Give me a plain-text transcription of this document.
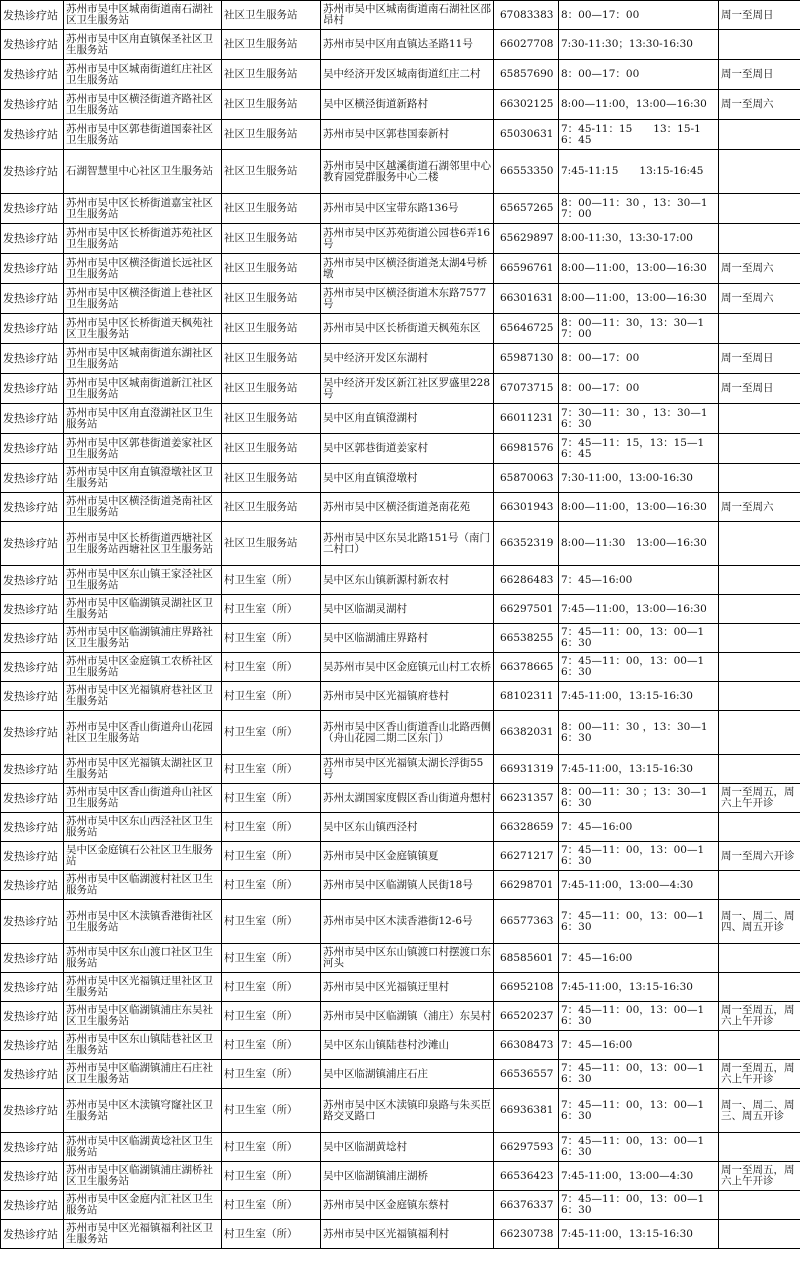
发热诊疗站	苏州市吴中区城南街道南石湖社区卫生服务站	社区卫生服务站	苏州市吴中区城南街道南石湖社区邵昂村	67083383	8：00—17：00	周一至周日
发热诊疗站	苏州市吴中区甪直镇保圣社区卫生服务站	社区卫生服务站	苏州市吴中区甪直镇达圣路11号	66027708	7:30-11:30；13:30-16:30	
发热诊疗站	苏州市吴中区城南街道红庄社区卫生服务站	社区卫生服务站	吴中经济开发区城南街道红庄二村	65857690	8：00—17：00	周一至周日
发热诊疗站	苏州市吴中区横泾街道齐路社区卫生服务站	社区卫生服务站	吴中区横泾街道新路村	66302125	8:00—11:00，13:00—16:30	周一至周六
发热诊疗站	苏州市吴中区郭巷街道国泰社区卫生服务站	社区卫生服务站	苏州市吴中区郭巷国泰新村	65030631	7：45-11：15　　13：15-16：45	
发热诊疗站	石湖智慧里中心社区卫生服务站	社区卫生服务站	苏州市吴中区越溪街道石湖邻里中心教育园党群服务中心二楼	66553350	7:45-11:15　　13:15-16:45	
发热诊疗站	苏州市吴中区长桥街道嘉宝社区卫生服务站	社区卫生服务站	苏州市吴中区宝带东路136号	65657265	8：00—11：30 ，13：30—17：00	
发热诊疗站	苏州市吴中区长桥街道苏苑社区卫生服务站	社区卫生服务站	苏州市吴中区苏苑街道公园巷6弄16号	65629897	8:00-11:30，13:30-17:00	
发热诊疗站	苏州市吴中区横泾街道长远社区卫生服务站	社区卫生服务站	苏州市吴中区横泾街道尧太湖4号桥墩	66596761	8:00—11:00，13:00—16:30	周一至周六
发热诊疗站	苏州市吴中区横泾街道上巷社区卫生服务站	社区卫生服务站	苏州市吴中区横泾街道木东路7577号	66301631	8:00—11:00，13:00—16:30	周一至周六
发热诊疗站	苏州市吴中区长桥街道天枫苑社区卫生服务站	社区卫生服务站	苏州市吴中区长桥街道天枫苑东区	65646725	8：00—11：30，13：30—17：00	
发热诊疗站	苏州市吴中区城南街道东湖社区卫生服务站	社区卫生服务站	吴中经济开发区东湖村	65987130	8：00—17：00	周一至周日
发热诊疗站	苏州市吴中区城南街道新江社区卫生服务站	社区卫生服务站	吴中经济开发区新江社区罗盛里228号	67073715	8：00—17：00	周一至周日
发热诊疗站	苏州市吴中区甪直澄湖社区卫生服务站	社区卫生服务站	吴中区甪直镇澄湖村	66011231	7：30—11：30 ，13：30—16：30	
发热诊疗站	苏州市吴中区郭巷街道姜家社区卫生服务站	社区卫生服务站	吴中区郭巷街道姜家村	66981576	7：45—11：15，13：15—16：45	
发热诊疗站	苏州市吴中区甪直镇澄墩社区卫生服务站	社区卫生服务站	吴中区甪直镇澄墩村	65870063	7:30-11:00，13:00-16:30	
发热诊疗站	苏州市吴中区横泾街道尧南社区卫生服务站	社区卫生服务站	苏州市吴中区横泾街道尧南花苑	66301943	8:00—11:00，13:00—16:30	周一至周六
发热诊疗站	苏州市吴中区长桥街道西塘社区卫生服务站西塘社区卫生服务站	社区卫生服务站	苏州市吴中区东吴北路151号（南门二村口）	66352319	8:00—11:30　13:00—16:30	
发热诊疗站	苏州市吴中区东山镇王家泾社区卫生服务站	村卫生室（所）	吴中区东山镇新源村新农村	66286483	7：45—16:00	
发热诊疗站	苏州市吴中区临湖镇灵湖社区卫生服务站	村卫生室（所）	吴中区临湖灵湖村	66297501	7:45—11:00，13:00—16:30	
发热诊疗站	苏州市吴中区临湖镇浦庄界路社区卫生服务站	村卫生室（所）	吴中区临湖浦庄界路村	66538255	7：45—11：00，13：00—16：30	
发热诊疗站	苏州市吴中区金庭镇工农桥社区卫生服务站	村卫生室（所）	吴苏州市吴中区金庭镇元山村工农桥	66378665	7：45—11：00，13：00—16：30	
发热诊疗站	苏州市吴中区光福镇府巷社区卫生服务站	村卫生室（所）	苏州市吴中区光福镇府巷村	68102311	7:45-11:00，13:15-16:30	
发热诊疗站	苏州市吴中区香山街道舟山花园社区卫生服务站	村卫生室（所）	苏州市吴中区香山街道香山北路西侧（舟山花园二期二区东门）	66382031	8：00—11：30 ，13：30—16：30	
发热诊疗站	苏州市吴中区光福镇太湖社区卫生服务站	村卫生室（所）	苏州市吴中区光福镇太湖长浮街55号	66931319	7:45-11:00，13:15-16:30	
发热诊疗站	苏州市吴中区香山街道舟山社区卫生服务站	村卫生室（所）	苏州太湖国家度假区香山街道舟想村	66231357	8：00—11：30 ；13：30—16：30	周一至周五，周六上午开诊
发热诊疗站	苏州市吴中区东山西泾社区卫生服务站	村卫生室（所）	吴中区东山镇西泾村	66328659	7：45—16:00	
发热诊疗站	吴中区金庭镇石公社区卫生服务站	村卫生室（所）	苏州市吴中区金庭镇镇夏	66271217	7：45—11：00，13：00—16：30	周一至周六开诊
发热诊疗站	苏州市吴中区临湖渡村社区卫生服务站	村卫生室（所）	苏州市吴中区临湖镇人民街18号	66298701	7:45-11:00，13:00—4:30	
发热诊疗站	苏州市吴中区木渎镇香港街社区卫生服务站	村卫生室（所）	苏州市吴中区木渎香港街12-6号	66577363	7：45—11：00，13：00—16：30	周一、周二、周四、周五开诊
发热诊疗站	苏州市吴中区东山渡口社区卫生服务站	村卫生室（所）	苏州市吴中区东山镇渡口村摆渡口东河头	68585601	7：45—16:00	
发热诊疗站	苏州市吴中区光福镇迂里社区卫生服务站	村卫生室（所）	苏州市吴中区光福镇迂里村	66952108	7:45-11:00，13:15-16:30	
发热诊疗站	苏州市吴中区临湖镇浦庄东吴社区卫生服务站	村卫生室（所）	苏州市吴中区临湖镇（浦庄）东吴村	66520237	7：45—11：00，13：00—16：30	周一至周五，周六上午开诊
发热诊疗站	苏州市吴中区东山镇陆巷社区卫生服务站	村卫生室（所）	吴中区东山镇陆巷村沙滩山	66308473	7：45—16:00	
发热诊疗站	苏州市吴中区临湖镇浦庄石庄社区卫生服务站	村卫生室（所）	吴中区临湖镇浦庄石庄	66536557	7：45—11：00，13：00—16：30	周一至周五，周六上午开诊
发热诊疗站	苏州市吴中区木渎镇穹窿社区卫生服务站	村卫生室（所）	苏州市吴中区木渎镇印泉路与朱买臣路交叉路口	66936381	7：45—11：00，13：00—16：30	周一、周二、周三、周五开诊
发热诊疗站	苏州市吴中区临湖黄埝社区卫生服务站	村卫生室（所）	吴中区临湖黄埝村	66297593	7：45—11：00，13：00—16：30	
发热诊疗站	苏州市吴中区临湖镇浦庄湖桥社区卫生服务站	村卫生室（所）	吴中区临湖镇浦庄湖桥	66536423	7:45-11:00，13:00—4:30	周一至周五，周六上午开诊
发热诊疗站	苏州市吴中区金庭内汇社区卫生服务站	村卫生室（所）	苏州市吴中区金庭镇东蔡村	66376337	7：45—11：00，13：00—16：30	
发热诊疗站	苏州市吴中区光福镇福利社区卫生服务站	村卫生室（所）	苏州市吴中区光福镇福利村	66230738	7:45-11:00，13:15-16:30	
